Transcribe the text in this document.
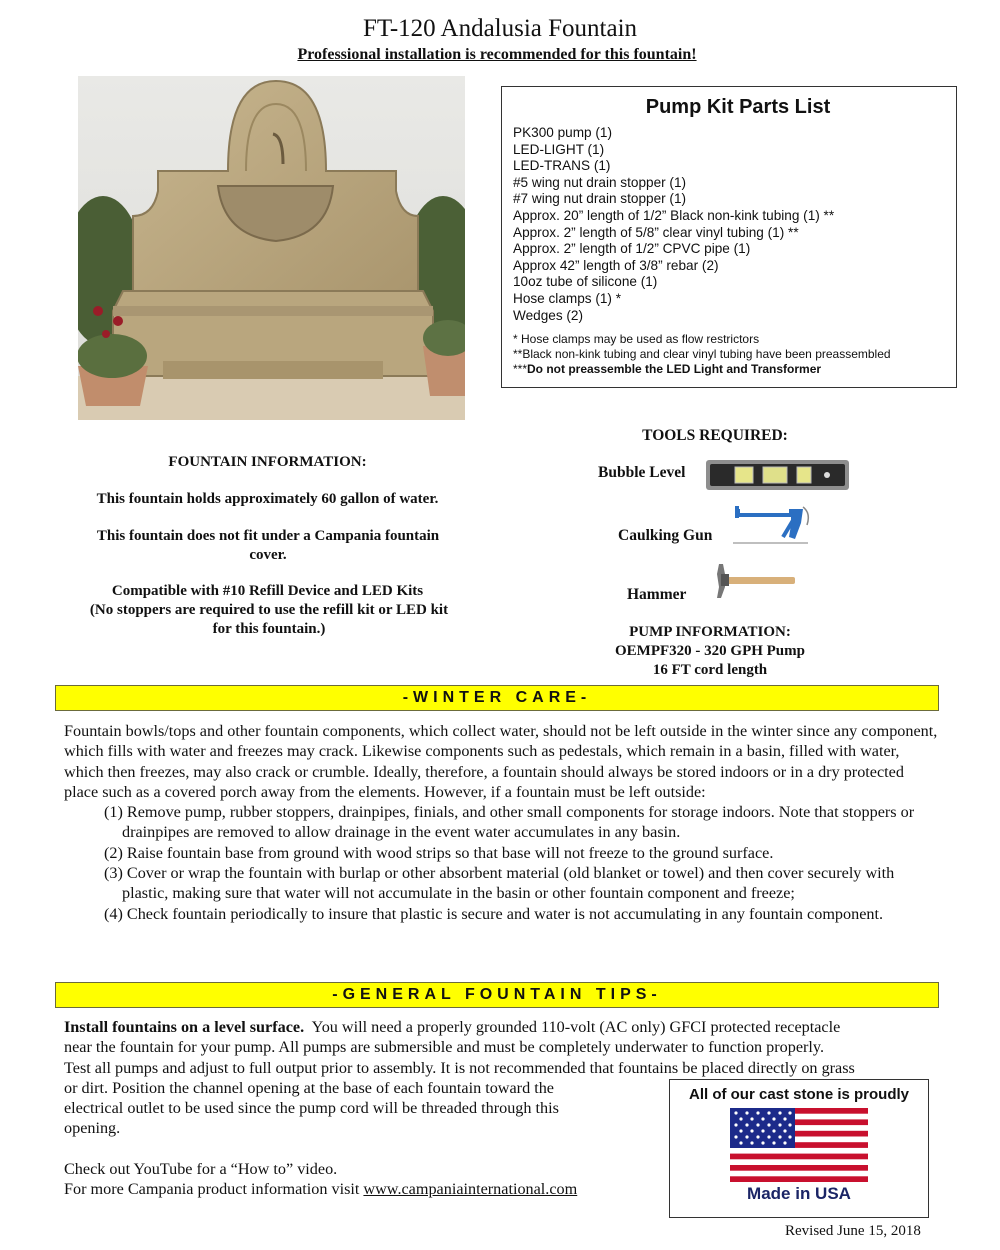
FT-120 Andalusia Fountain
Professional installation is recommended for this fountain!
Pump Kit Parts List
PK300 pump (1)
LED-LIGHT (1)
LED-TRANS (1)
#5 wing nut drain stopper (1)
#7 wing nut drain stopper (1)
Approx. 20” length of 1/2” Black non-kink tubing (1) **
Approx. 2” length of 5/8” clear vinyl tubing (1) **
Approx. 2” length of 1/2” CPVC pipe (1)
Approx 42” length of 3/8” rebar (2)
10oz tube of silicone (1)
Hose clamps (1) *
Wedges (2)
* Hose clamps may be used as flow restrictors
**Black non-kink tubing and clear vinyl tubing have been preassembled
***Do not preassemble the LED Light and Transformer
TOOLS REQUIRED:
Bubble Level
Caulking Gun
Hammer
FOUNTAIN INFORMATION:
This fountain holds approximately 60 gallon of water.
This fountain does not fit under a Campania fountain cover.
Compatible with #10 Refill Device and LED Kits
(No stoppers are required to use the refill kit or LED kit for this fountain.)	PUMP INFORMATION:
OEMPF320 - 320 GPH Pump
16 FT cord length
-WINTER CARE-

Fountain bowls/tops and other fountain components, which collect water, should not be left outside in the winter since any component, which fills with water and freezes may crack. Likewise components such as pedestals, which remain in a basin, filled with water, which then freezes, may also crack or crumble. Ideally, therefore, a fountain should always be stored indoors or in a dry protected place such as a covered porch away from the elements. However, if a fountain must be left outside:

(1) Remove pump, rubber stoppers, drainpipes, finials, and other small components for storage indoors. Note that stoppers or drainpipes are removed to allow drainage in the event water accumulates in any basin.
(2) Raise fountain base from ground with wood strips so that base will not freeze to the ground surface.
(3) Cover or wrap the fountain with burlap or other absorbent material (old blanket or towel) and then cover securely with plastic, making sure that water will not accumulate in the basin or other fountain component and freeze;
(4) Check fountain periodically to insure that plastic is secure and water is not accumulating in any fountain component.
-GENERAL FOUNTAIN TIPS-
Install fountains on a level surface.  You will need a properly grounded 110-volt (AC only) GFCI protected receptacle
near the fountain for your pump. All pumps are submersible and must be completely underwater to function properly.
Test all pumps and adjust to full output prior to assembly. It is not recommended that fountains be placed directly on grass
or dirt. Position the channel opening at the base of each fountain toward the
electrical outlet to be used since the pump cord will be threaded through this
opening.
Check out YouTube for a “How to” video.
For more Campania product information visit www.campaniainternational.com
All of our cast stone is proudly
Made in USA
Revised June 15, 2018
